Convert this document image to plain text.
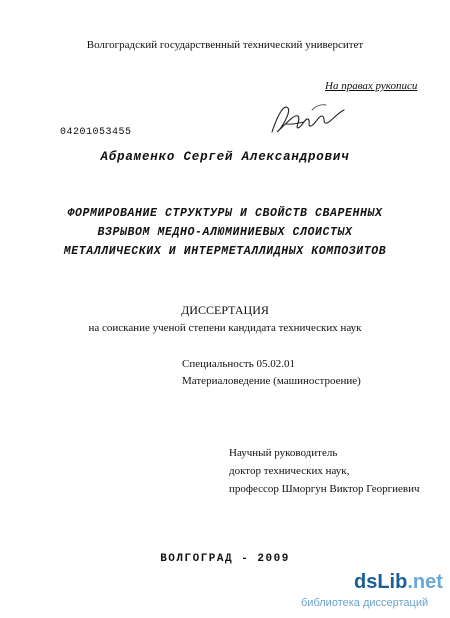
Волгоградский государственный технический университет
На правах рукописи
04201053455
Абраменко Сергей Александрович
ФОРМИРОВАНИЕ СТРУКТУРЫ И СВОЙСТВ СВАРЕННЫХ
ВЗРЫВОМ МЕДНО-АЛЮМИНИЕВЫХ СЛОИСТЫХ
МЕТАЛЛИЧЕСКИХ И ИНТЕРМЕТАЛЛИДНЫХ КОМПОЗИТОВ
ДИССЕРТАЦИЯ
на соискание ученой степени кандидата технических наук
Специальность 05.02.01
Материаловедение (машиностроение)
Научный руководитель
доктор технических наук,
профессор Шморгун Виктор Георгиевич
ВОЛГОГРАД - 2009
dsLib.net
библиотека диссертаций
